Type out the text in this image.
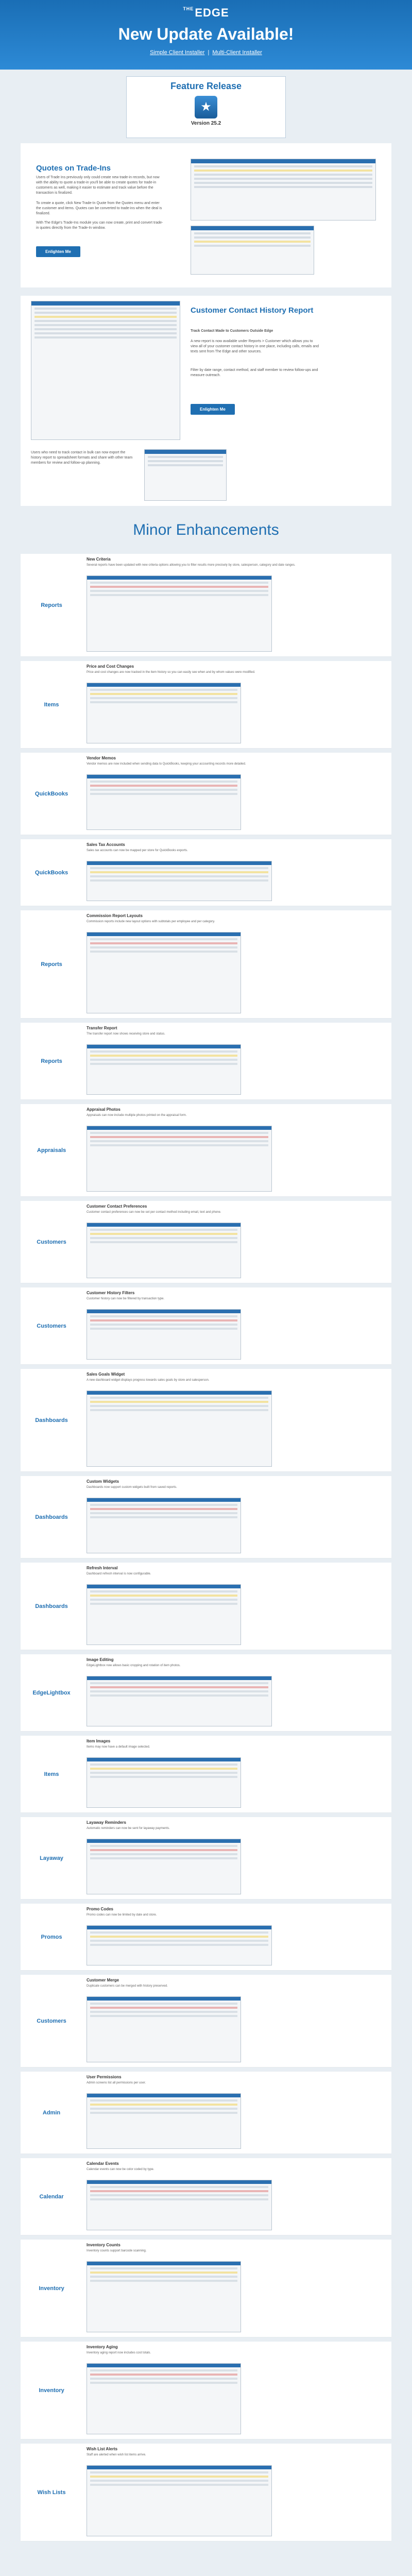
$^{THE}$EDGE
New Update Available!
Simple Client Installer | Multi-Client Installer
Feature Release
★
Version 25.2
Quotes on Trade-Ins
Users of Trade Ins previously only could create new trade-in records, but now with the ability to quote a trade-in you'll be able to create quotes for trade-in customers as well, making it easier to estimate and track value before the transaction is finalized.
To create a quote, click New Trade-In Quote from the Quotes menu and enter the customer and items. Quotes can be converted to trade-ins when the deal is finalized.
With The Edge's Trade-Ins module you can now create, print and convert trade-in quotes directly from the Trade-In window.
Enlighten Me
Customer Contact History Report
Track Contact Made to Customers Outside Edge
A new report is now available under Reports > Customer which allows you to view all of your customer contact history in one place, including calls, emails and texts sent from The Edge and other sources.
Filter by date range, contact method, and staff member to review follow-ups and measure outreach.
Enlighten Me
Users who need to track contact in bulk can now export the history report to spreadsheet formats and share with other team members for review and follow-up planning.
Minor Enhancements
Reports
New Criteria
Several reports have been updated with new criteria options allowing you to filter results more precisely by store, salesperson, category and date ranges.
Items
Price and Cost Changes
Price and cost changes are now tracked in the item history so you can easily see when and by whom values were modified.
QuickBooks
Vendor Memos
Vendor memos are now included when sending data to QuickBooks, keeping your accounting records more detailed.
QuickBooks
Sales Tax Accounts
Sales tax accounts can now be mapped per store for QuickBooks exports.
Reports
Commission Report Layouts
Commission reports include new layout options with subtotals per employee and per category.
Reports
Transfer Report
The transfer report now shows receiving store and status.
Appraisals
Appraisal Photos
Appraisals can now include multiple photos printed on the appraisal form.
Customers
Customer Contact Preferences
Customer contact preferences can now be set per contact method including email, text and phone.
Customers
Customer History Filters
Customer history can now be filtered by transaction type.
Dashboards
Sales Goals Widget
A new dashboard widget displays progress towards sales goals by store and salesperson.
Dashboards
Custom Widgets
Dashboards now support custom widgets built from saved reports.
Dashboards
Refresh Interval
Dashboard refresh interval is now configurable.
EdgeLightbox
Image Editing
EdgeLightbox now allows basic cropping and rotation of item photos.
Items
Item Images
Items may now have a default image selected.
Layaway
Layaway Reminders
Automatic reminders can now be sent for layaway payments.
Promos
Promo Codes
Promo codes can now be limited by date and store.
Customers
Customer Merge
Duplicate customers can be merged with history preserved.
Admin
User Permissions
Admin screens list all permissions per user.
Calendar
Calendar Events
Calendar events can now be color coded by type.
Inventory
Inventory Counts
Inventory counts support barcode scanning.
Inventory
Inventory Aging
Inventory aging report now includes cost totals.
Wish Lists
Wish List Alerts
Staff are alerted when wish list items arrive.
